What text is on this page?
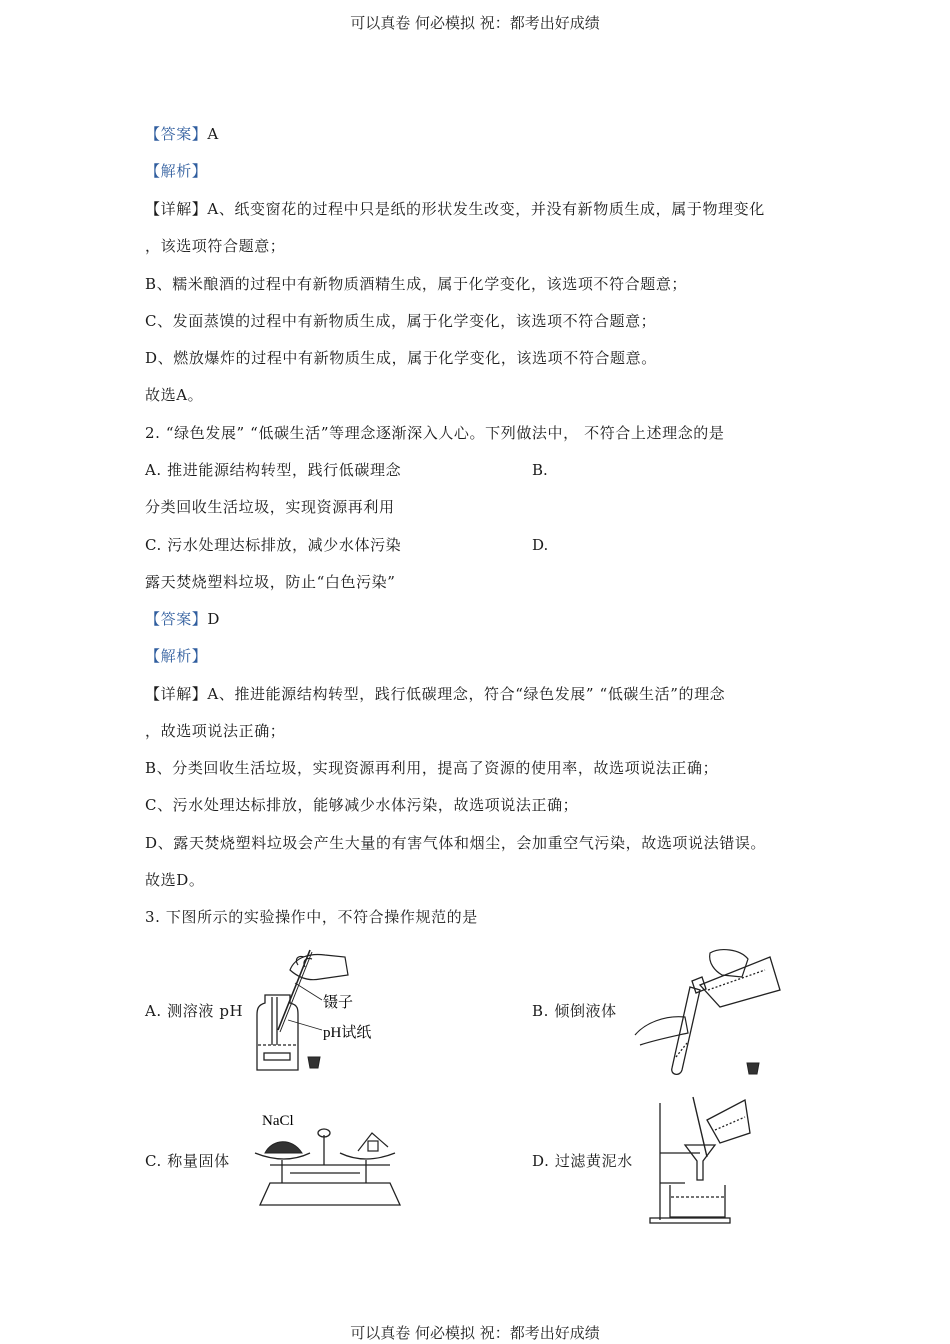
可以真卷 何必模拟 祝：都考出好成绩
【答案】A
【解析】
【详解】A、纸变窗花的过程中只是纸的形状发生改变，并没有新物质生成，属于物理变化
，该选项符合题意；
B、糯米酿酒的过程中有新物质酒精生成，属于化学变化，该选项不符合题意；
C、发面蒸馍的过程中有新物质生成，属于化学变化，该选项不符合题意；
D、燃放爆炸的过程中有新物质生成，属于化学变化，该选项不符合题意。
故选A。
2. “绿色发展” “低碳生活”等理念逐渐深入人心。下列做法中， 不符合上述理念的是
A. 推进能源结构转型，践行低碳理念	B.
分类回收生活垃圾，实现资源再利用
C. 污水处理达标排放，减少水体污染	D.
露天焚烧塑料垃圾，防止“白色污染”
【答案】D
【解析】
【详解】A、推进能源结构转型，践行低碳理念，符合“绿色发展” “低碳生活”的理念
，故选项说法正确；
B、分类回收生活垃圾，实现资源再利用，提高了资源的使用率，故选项说法正确；
C、污水处理达标排放，能够减少水体污染，故选项说法正确；
D、露天焚烧塑料垃圾会产生大量的有害气体和烟尘，会加重空气污染，故选项说法错误。
故选D。
3. 下图所示的实验操作中，不符合操作规范的是
A. 测溶液 pH	B. 倾倒液体
C. 称量固体	D. 过滤黄泥水
镊子
pH试纸
NaCl
可以真卷 何必模拟 祝：都考出好成绩
